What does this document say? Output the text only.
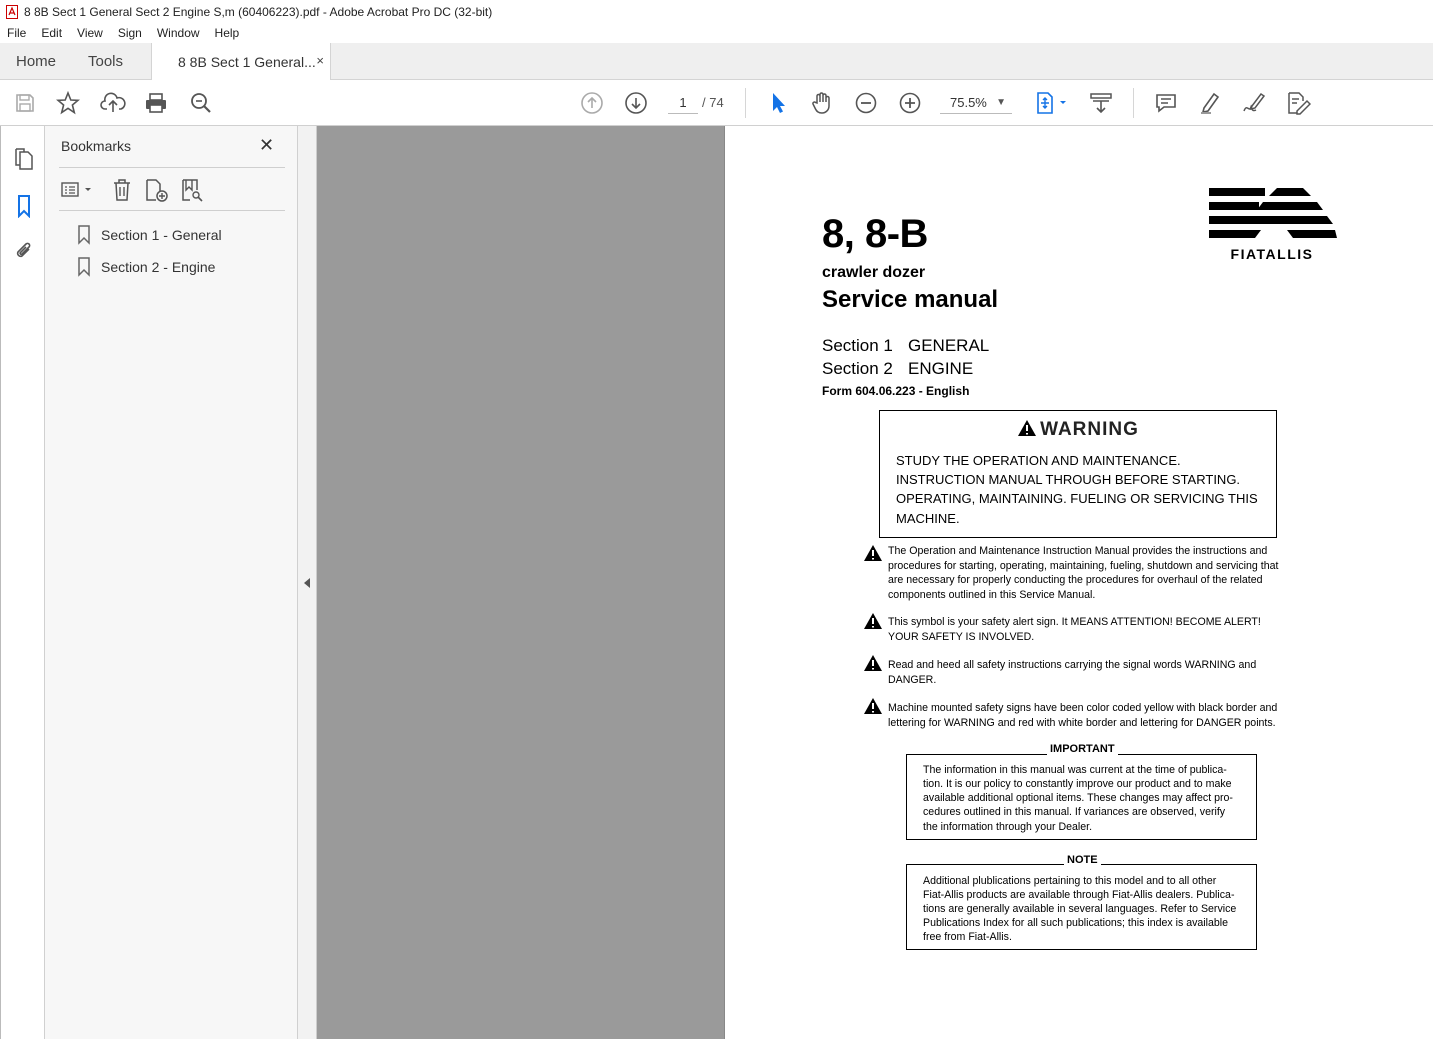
8 8B Sect 1 General Sect 2 Engine S,m (60406223).pdf - Adobe Acrobat Pro DC (32-bit)
File	Edit	View	Sign	Window	Help
Home Tools	8 8B Sect 1 General... ×
1	/ 74	75.5% ▼
Bookmarks	✕
Section 1 - General
Section 2 - Engine
8, 8-B
crawler dozer
Service manual
Section 1 GENERAL
Section 2 ENGINE
Form 604.06.223 - English
FIATALLIS
WARNING
STUDY THE OPERATION AND MAINTENANCE.
INSTRUCTION MANUAL THROUGH BEFORE STARTING.
OPERATING, MAINTAINING. FUELING OR SERVICING THIS
MACHINE.
The Operation and Maintenance Instruction Manual provides the instructions and procedures for starting, operating, maintaining, fueling, shutdown and servicing that are necessary for properly conducting the procedures for overhaul of the related components outlined in this Service Manual.
This symbol is your safety alert sign. It MEANS ATTENTION! BECOME ALERT! YOUR SAFETY IS INVOLVED.
Read and heed all safety instructions carrying the signal words WARNING and DANGER.
Machine mounted safety signs have been color coded yellow with black border and lettering for WARNING and red with white border and lettering for DANGER points.
The information in this manual was current at the time of publica-
tion. It is our policy to constantly improve our product and to make
available additional optional items. These changes may affect pro-
cedures outlined in this manual. If variances are observed, verify
the information through your Dealer.
IMPORTANT
Additional plublications pertaining to this model and to all other
Fiat-Allis products are available through Fiat-Allis dealers. Publica-
tions are generally available in several languages. Refer to Service
Publications Index for all such publications; this index is available
free from Fiat-Allis.
NOTE
